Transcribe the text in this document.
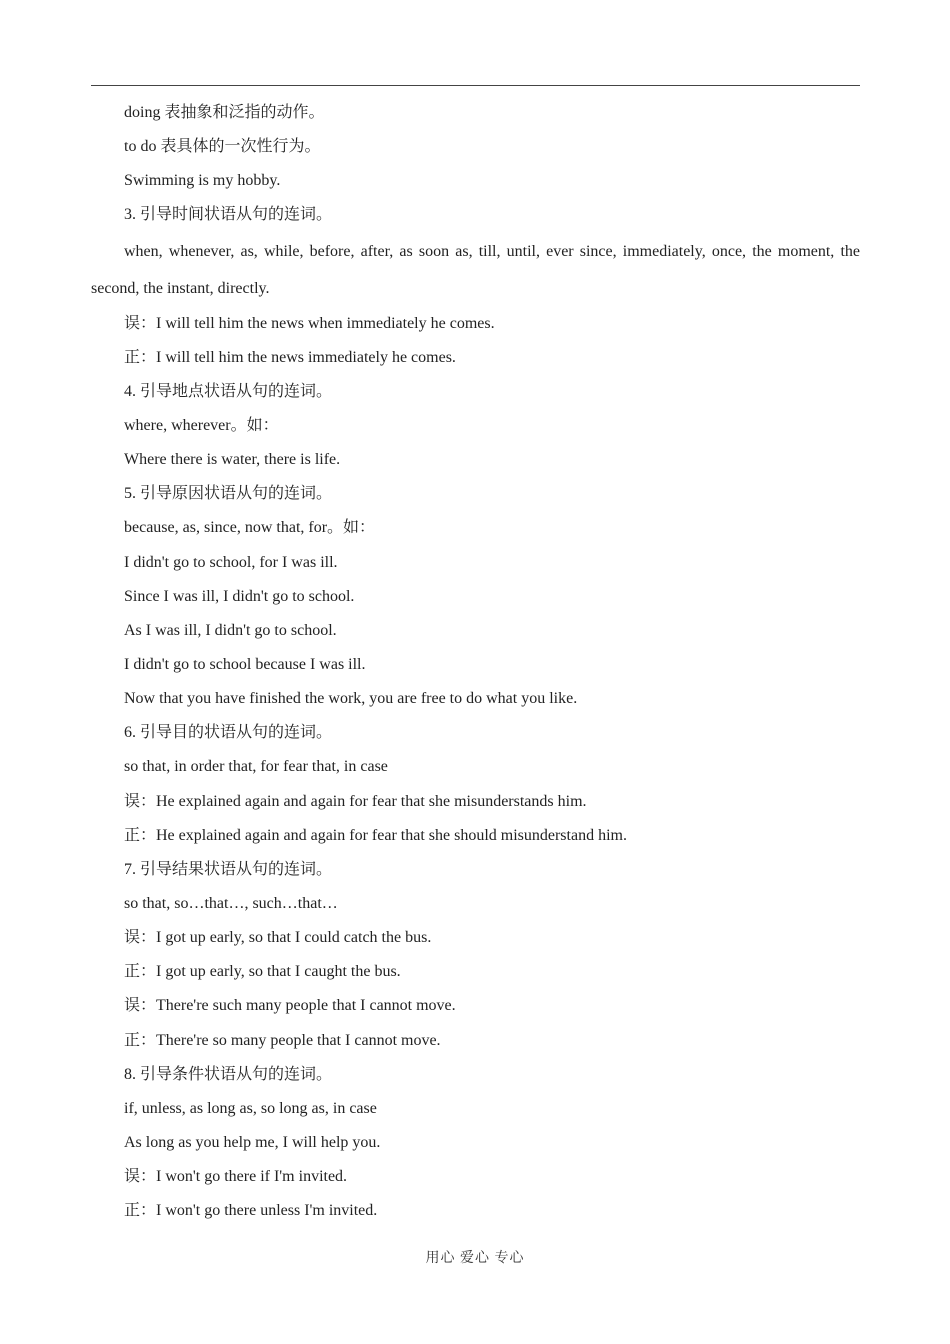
doing 表抽象和泛指的动作。
to do 表具体的一次性行为。
Swimming is my hobby.
3. 引导时间状语从句的连词。
when, whenever, as, while, before, after, as soon as, till, until, ever since, immediately, once, the moment, the second, the instant, directly.
误：I will tell him the news when immediately he comes.
正：I will tell him the news immediately he comes.
4. 引导地点状语从句的连词。
where, wherever。如：
Where there is water, there is life.
5. 引导原因状语从句的连词。
because, as, since, now that, for。如：
I didn't go to school, for I was ill.
Since I was ill, I didn't go to school.
As I was ill, I didn't go to school.
I didn't go to school because I was ill.
Now that you have finished the work, you are free to do what you like.
6. 引导目的状语从句的连词。
so that, in order that, for fear that, in case
误：He explained again and again for fear that she misunderstands him.
正：He explained again and again for fear that she should misunderstand him.
7. 引导结果状语从句的连词。
so that, so…that…, such…that…
误：I got up early, so that I could catch the bus.
正：I got up early, so that I caught the bus.
误：There're such many people that I cannot move.
正：There're so many people that I cannot move.
8. 引导条件状语从句的连词。
if, unless, as long as, so long as, in case
As long as you help me, I will help you.
误：I won't go there if I'm invited.
正：I won't go there unless I'm invited.
用心 爱心 专心
